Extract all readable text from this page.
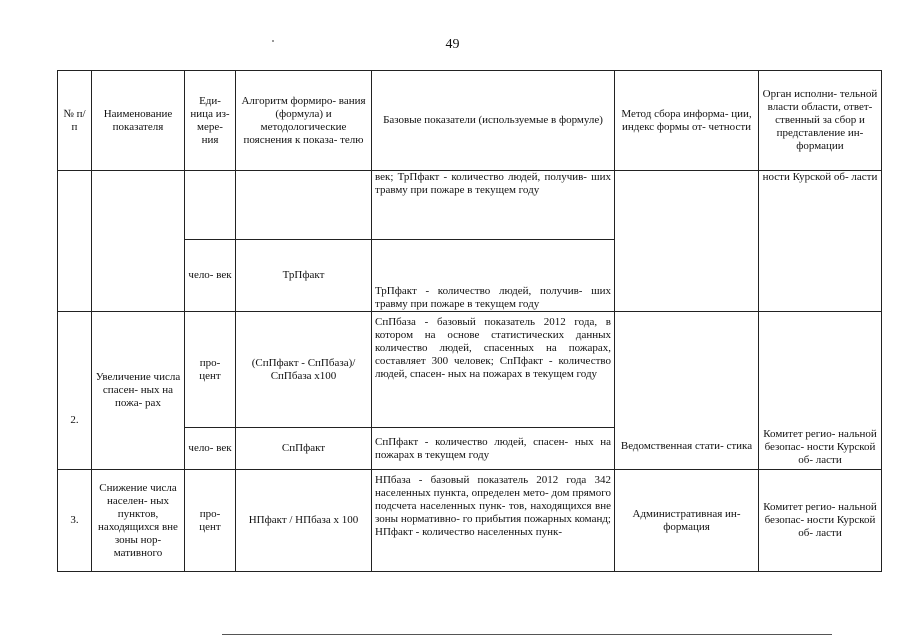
49
№ п/п	Наименование показателя	Еди- ница из- мере- ния	Алгоритм формиро- вания (формула) и методологические пояснения к показа- телю	Базовые показатели (используемые в формуле)	Метод сбора информа- ции, индекс формы от- четности	Орган исполни- тельной власти области, ответ- ственный за сбор и представление ин- формации
				век; ТрПфакт - количество людей, получив- ших травму при пожаре в текущем году		ности Курской об- ласти
		чело- век	ТрПфакт	ТрПфакт - количество людей, получив- ших травму при пожаре в текущем году		
2.	Увеличение числа спасен- ных на пожа- рах	про- цент	(СпПфакт - СпПбаза)/ СпПбаза х100	СпПбаза - базовый показатель 2012 года, в котором на основе статистических данных количество людей, спасенных на пожарах, составляет 300 человек; СпПфакт - количество людей, спасен- ных на пожарах в текущем году	Ведомственная стати- стика	Комитет регио- нальной безопас- ности Курской об- ласти
		чело- век	СпПфакт	СпПфакт - количество людей, спасен- ных на пожарах в текущем году		
3.	Снижение числа населен- ных пунктов, находящихся вне зоны нор- мативного	про- цент	НПфакт / НПбаза х 100	НПбаза - базовый показатель 2012 года 342 населенных пункта, определен мето- дом прямого подсчета населенных пунк- тов, находящихся вне зоны нормативно- го прибытия пожарных команд; НПфакт - количество населенных пунк-	Административная ин- формация	Комитет регио- нальной безопас- ности Курской об- ласти
